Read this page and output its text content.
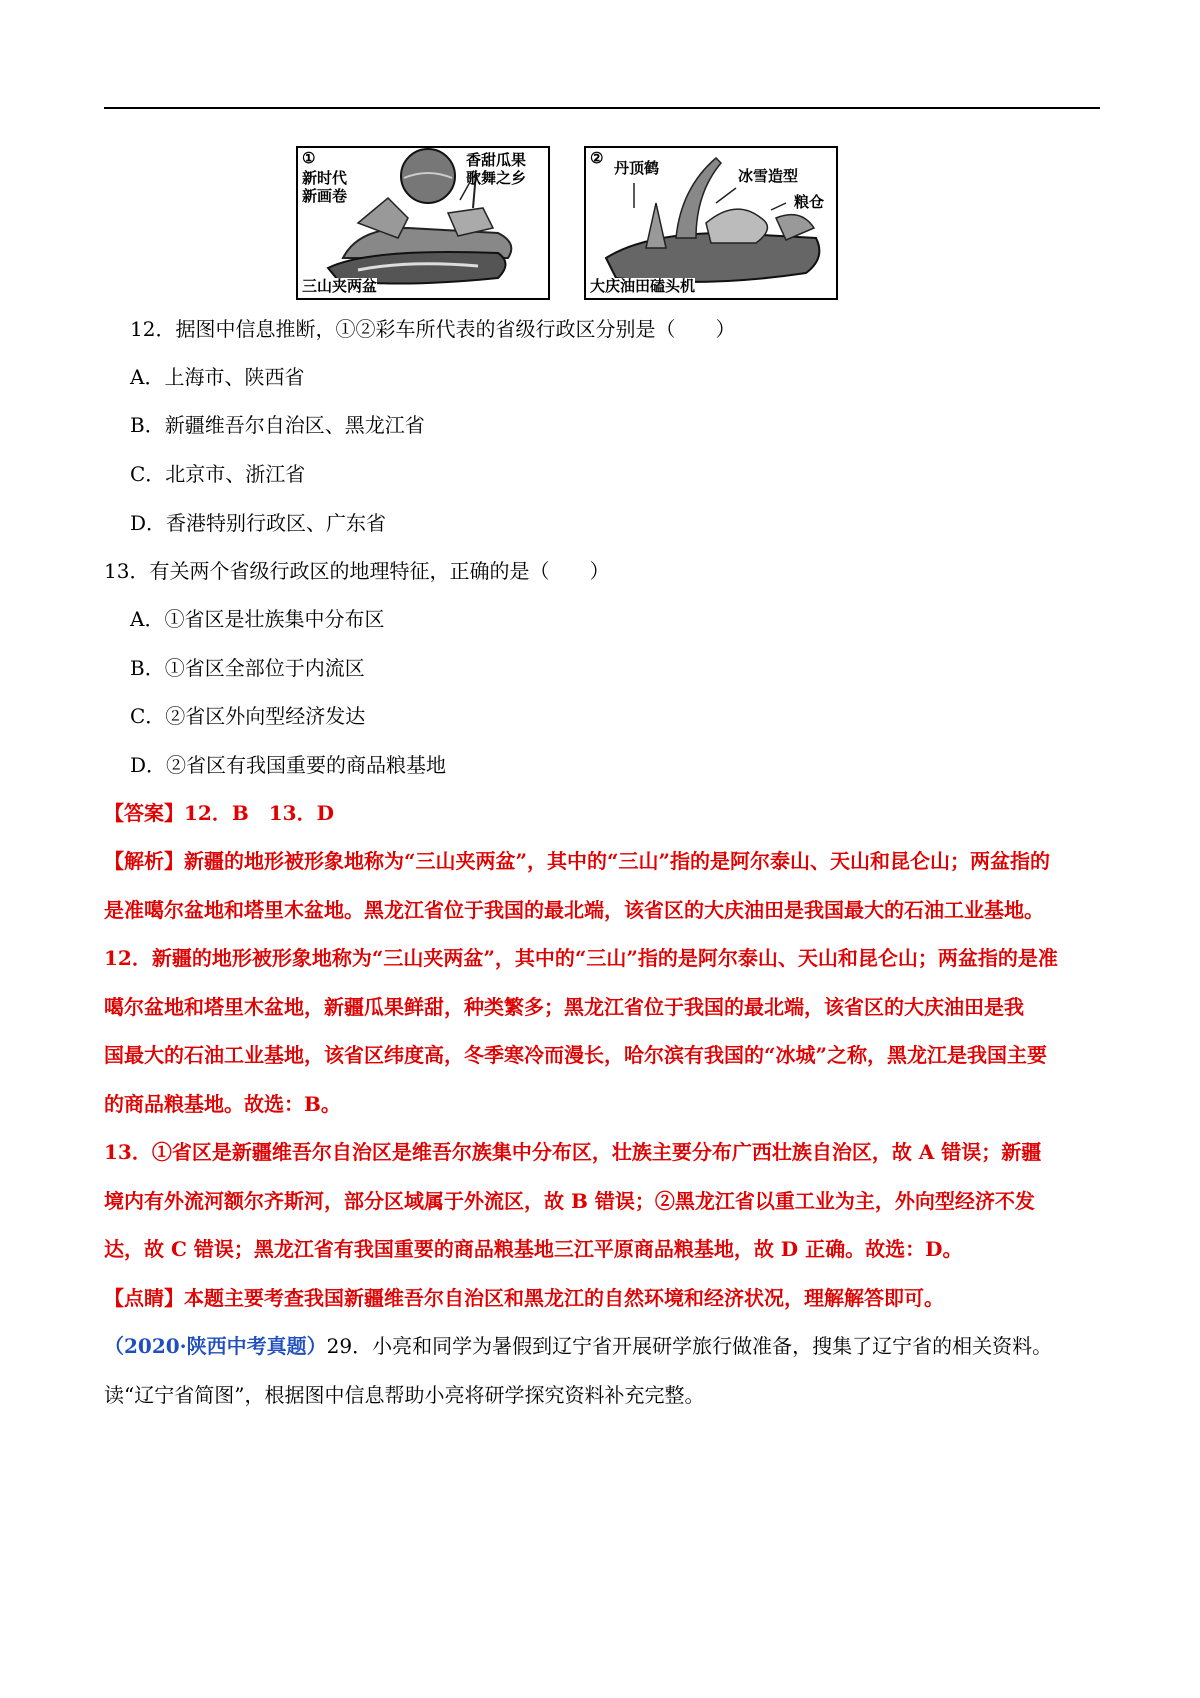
①
新时代
新画卷
香甜瓜果
歌舞之乡
三山夹两盆
②
丹顶鹤	冰雪造型
粮仓
大庆油田磕头机
12．据图中信息推断，①②彩车所代表的省级行政区分别是（　　）
A．上海市、陕西省
B．新疆维吾尔自治区、黑龙江省
C．北京市、浙江省
D．香港特别行政区、广东省
13．有关两个省级行政区的地理特征，正确的是（　　）
A．①省区是壮族集中分布区
B．①省区全部位于内流区
C．②省区外向型经济发达
D．②省区有我国重要的商品粮基地
【答案】12．B　13．D
【解析】新疆的地形被形象地称为“三山夹两盆”，其中的“三山”指的是阿尔泰山、天山和昆仑山；两盆指的
是准噶尔盆地和塔里木盆地。黑龙江省位于我国的最北端，该省区的大庆油田是我国最大的石油工业基地。
12．新疆的地形被形象地称为“三山夹两盆”，其中的“三山”指的是阿尔泰山、天山和昆仑山；两盆指的是准
噶尔盆地和塔里木盆地，新疆瓜果鲜甜，种类繁多；黑龙江省位于我国的最北端，该省区的大庆油田是我
国最大的石油工业基地，该省区纬度高，冬季寒冷而漫长，哈尔滨有我国的“冰城”之称，黑龙江是我国主要
的商品粮基地。故选：B。
13．①省区是新疆维吾尔自治区是维吾尔族集中分布区，壮族主要分布广西壮族自治区，故 A 错误；新疆
境内有外流河额尔齐斯河，部分区域属于外流区，故 B 错误；②黑龙江省以重工业为主，外向型经济不发
达，故 C 错误；黑龙江省有我国重要的商品粮基地三江平原商品粮基地，故 D 正确。故选：D。
【点睛】本题主要考查我国新疆维吾尔自治区和黑龙江的自然环境和经济状况，理解解答即可。
（2020·陕西中考真题）29．小亮和同学为暑假到辽宁省开展研学旅行做准备，搜集了辽宁省的相关资料。
读“辽宁省简图”，根据图中信息帮助小亮将研学探究资料补充完整。
